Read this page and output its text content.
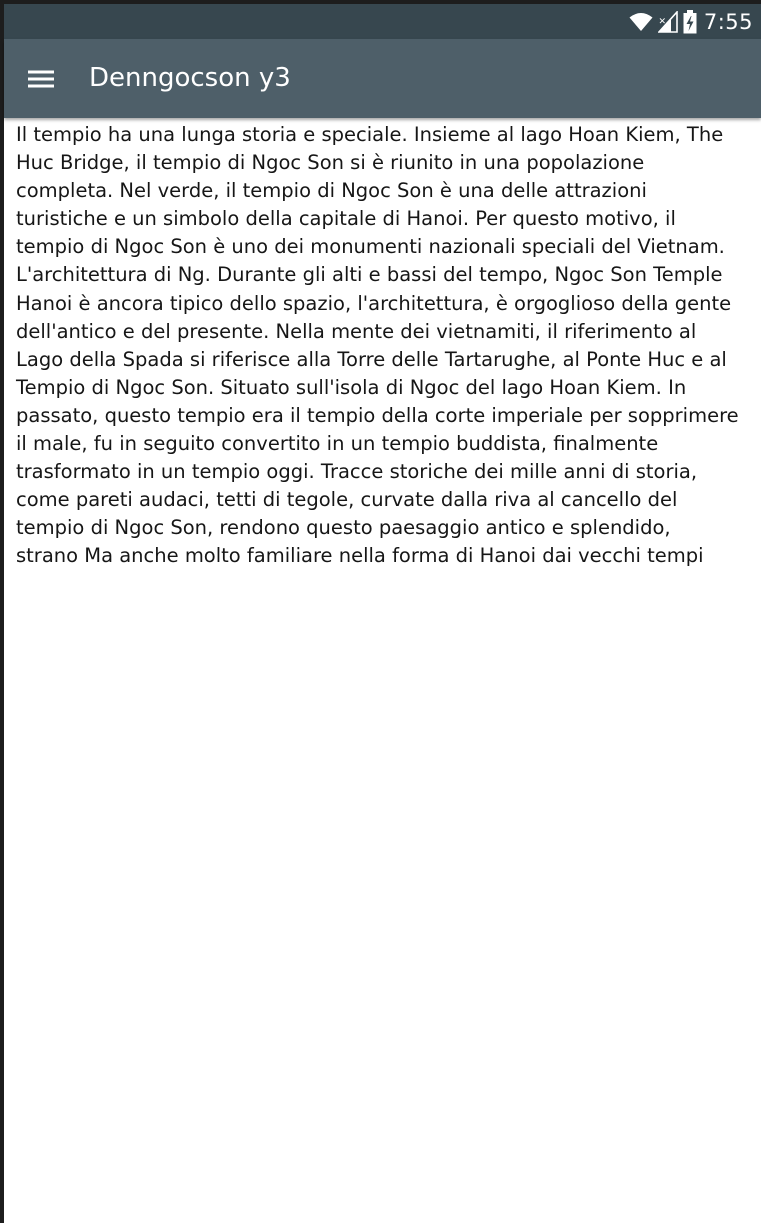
✕ 7:55
Denngocson y3

Il tempio ha una lunga storia e speciale. Insieme al lago Hoan Kiem, The
Huc Bridge, il tempio di Ngoc Son si è riunito in una popolazione
completa. Nel verde, il tempio di Ngoc Son è una delle attrazioni
turistiche e un simbolo della capitale di Hanoi. Per questo motivo, il
tempio di Ngoc Son è uno dei monumenti nazionali speciali del Vietnam.
L'architettura di Ng. Durante gli alti e bassi del tempo, Ngoc Son Temple
Hanoi è ancora tipico dello spazio, l'architettura, è orgoglioso della gente
dell'antico e del presente. Nella mente dei vietnamiti, il riferimento al
Lago della Spada si riferisce alla Torre delle Tartarughe, al Ponte Huc e al
Tempio di Ngoc Son. Situato sull'isola di Ngoc del lago Hoan Kiem. In
passato, questo tempio era il tempio della corte imperiale per sopprimere
il male, fu in seguito convertito in un tempio buddista, finalmente
trasformato in un tempio oggi. Tracce storiche dei mille anni di storia,
come pareti audaci, tetti di tegole, curvate dalla riva al cancello del
tempio di Ngoc Son, rendono questo paesaggio antico e splendido,
strano Ma anche molto familiare nella forma di Hanoi dai vecchi tempi
